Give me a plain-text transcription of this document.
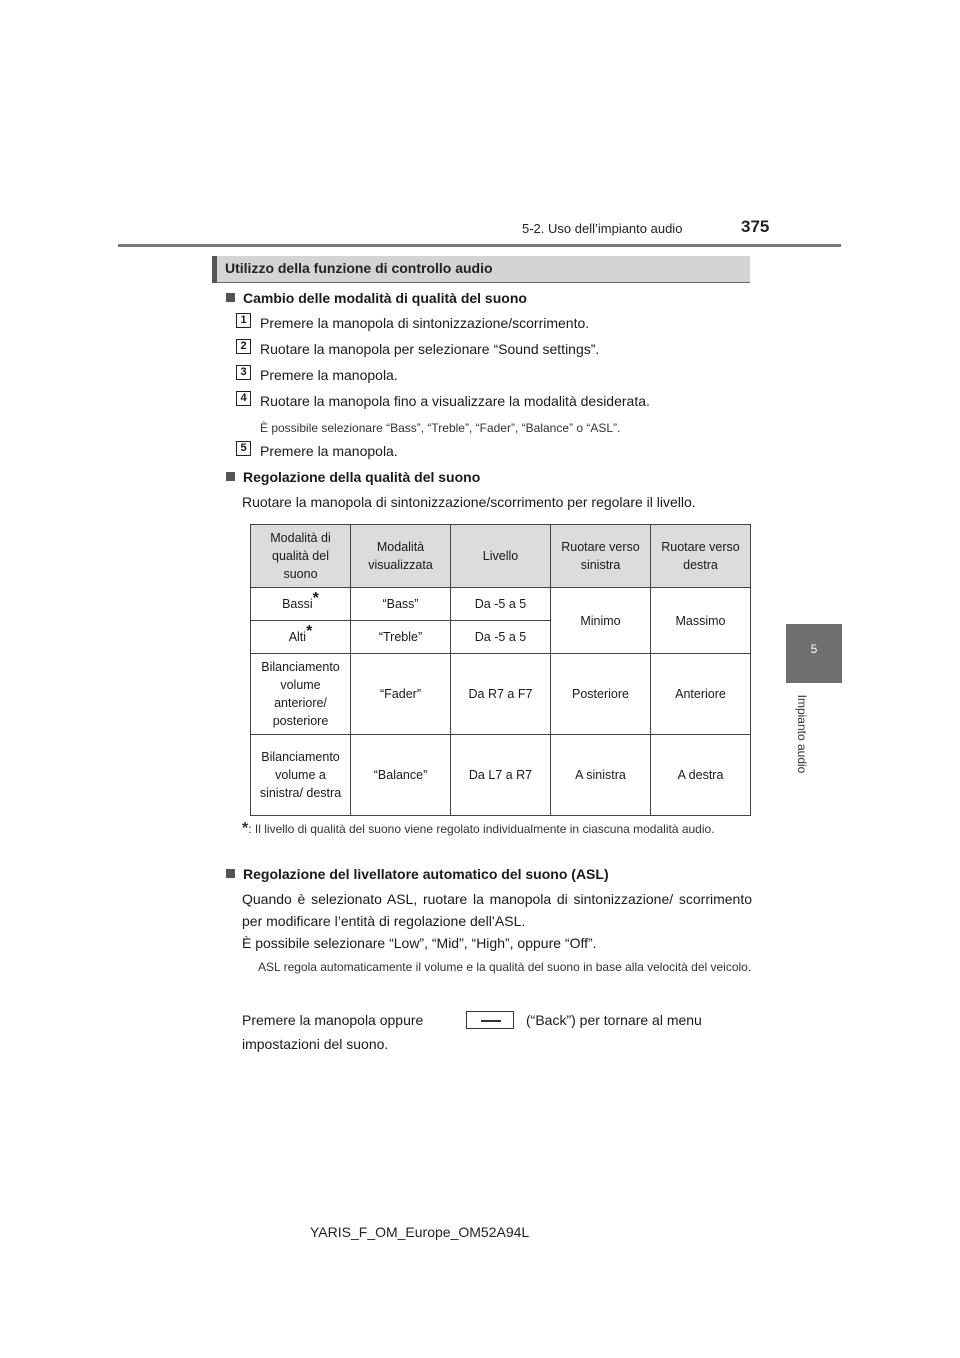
5-2. Uso dell’impianto audio	375
5
Impianto audio
Utilizzo della funzione di controllo audio
Cambio delle modalità di qualità del suono
1 Premere la manopola di sintonizzazione/scorrimento.
2 Ruotare la manopola per selezionare “Sound settings”.
3 Premere la manopola.
4 Ruotare la manopola fino a visualizzare la modalità desiderata.
È possibile selezionare “Bass”, “Treble”, “Fader”, “Balance” o “ASL”.
5 Premere la manopola.
Regolazione della qualità del suono
Ruotare la manopola di sintonizzazione/scorrimento per regolare il livello.
Modalità di qualità del suono	Modalità visualizzata	Livello	Ruotare verso sinistra	Ruotare verso destra
Bassi*	“Bass”	Da -5 a 5	Minimo	Massimo
Alti*	“Treble”	Da -5 a 5		
Bilanciamento volume anteriore/ posteriore	“Fader”	Da R7 a F7	Posteriore	Anteriore
Bilanciamento volume a sinistra/ destra	“Balance”	Da L7 a R7	A sinistra	A destra
*: Il livello di qualità del suono viene regolato individualmente in ciascuna modalità audio.
Regolazione del livellatore automatico del suono (ASL)
Quando è selezionato ASL, ruotare la manopola di sintonizzazione/ scorrimento per modificare l’entità di regolazione dell’ASL.
È possibile selezionare “Low”, “Mid”, “High”, oppure “Off”.
ASL regola automaticamente il volume e la qualità del suono in base alla velocità del veicolo.
Premere la manopola oppure	(“Back”) per tornare al menu
impostazioni del suono.
YARIS_F_OM_Europe_OM52A94L
